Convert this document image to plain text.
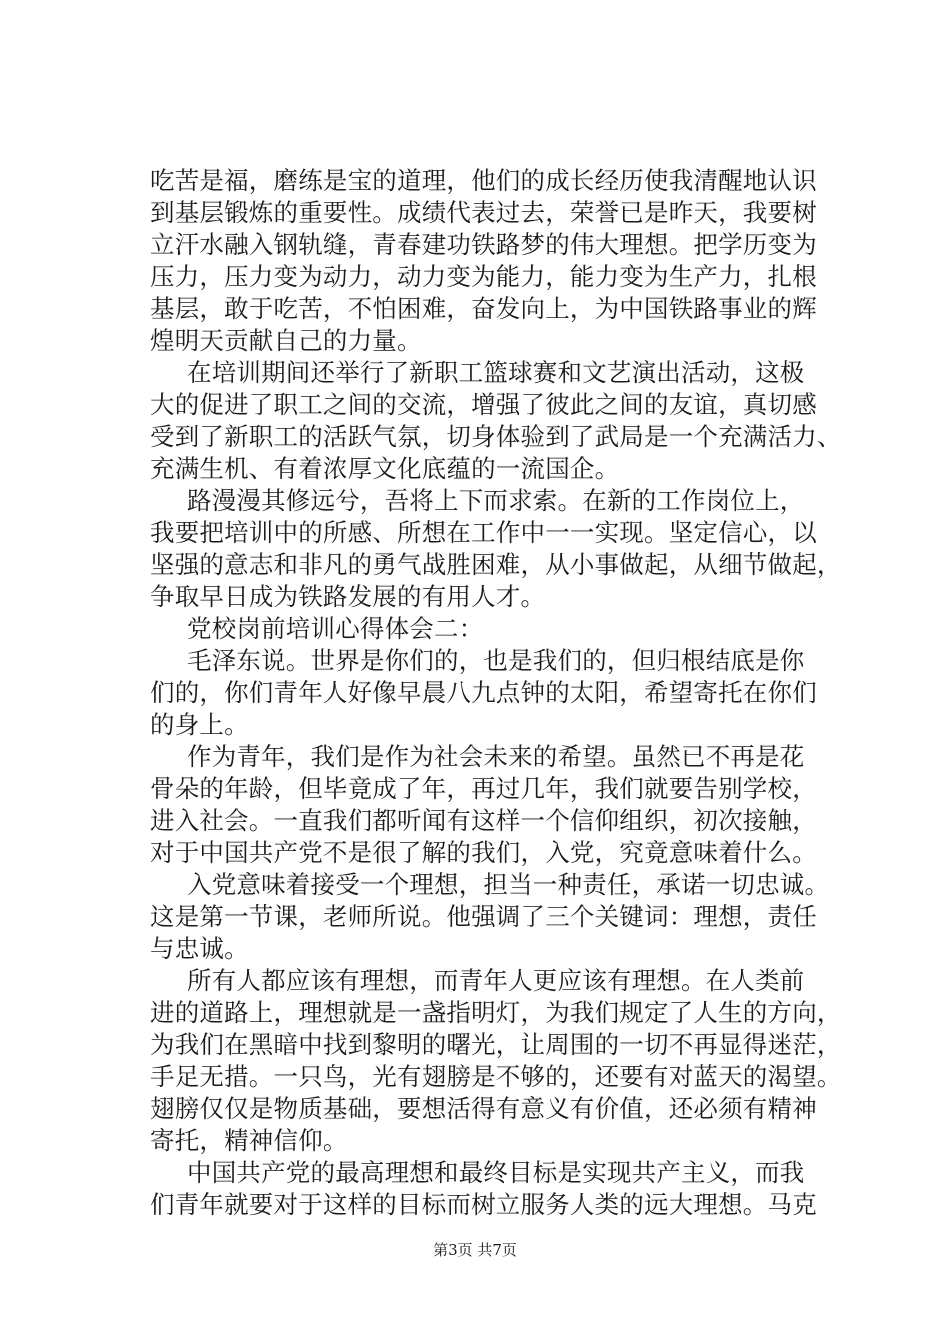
吃苦是福，磨练是宝的道理，他们的成长经历使我清醒地认识
到基层锻炼的重要性。成绩代表过去，荣誉已是昨天，我要树
立汗水融入钢轨缝，青春建功铁路梦的伟大理想。把学历变为
压力，压力变为动力，动力变为能力，能力变为生产力，扎根
基层，敢于吃苦，不怕困难，奋发向上，为中国铁路事业的辉
煌明天贡献自己的力量。
在培训期间还举行了新职工篮球赛和文艺演出活动，这极
大的促进了职工之间的交流，增强了彼此之间的友谊，真切感
受到了新职工的活跃气氛，切身体验到了武局是一个充满活力、
充满生机、有着浓厚文化底蕴的一流国企。
路漫漫其修远兮，吾将上下而求索。在新的工作岗位上，
我要把培训中的所感、所想在工作中一一实现。坚定信心，以
坚强的意志和非凡的勇气战胜困难，从小事做起，从细节做起，
争取早日成为铁路发展的有用人才。
党校岗前培训心得体会二：
毛泽东说。世界是你们的，也是我们的，但归根结底是你
们的，你们青年人好像早晨八九点钟的太阳，希望寄托在你们
的身上。
作为青年，我们是作为社会未来的希望。虽然已不再是花
骨朵的年龄，但毕竟成了年，再过几年，我们就要告别学校，
进入社会。一直我们都听闻有这样一个信仰组织，初次接触，
对于中国共产党不是很了解的我们，入党，究竟意味着什么。
入党意味着接受一个理想，担当一种责任，承诺一切忠诚。
这是第一节课，老师所说。他强调了三个关键词：理想，责任
与忠诚。
所有人都应该有理想，而青年人更应该有理想。在人类前
进的道路上，理想就是一盏指明灯，为我们规定了人生的方向，
为我们在黑暗中找到黎明的曙光，让周围的一切不再显得迷茫，
手足无措。一只鸟，光有翅膀是不够的，还要有对蓝天的渴望。
翅膀仅仅是物质基础，要想活得有意义有价值，还必须有精神
寄托，精神信仰。
中国共产党的最高理想和最终目标是实现共产主义，而我
们青年就要对于这样的目标而树立服务人类的远大理想。马克
第3页 共7页
